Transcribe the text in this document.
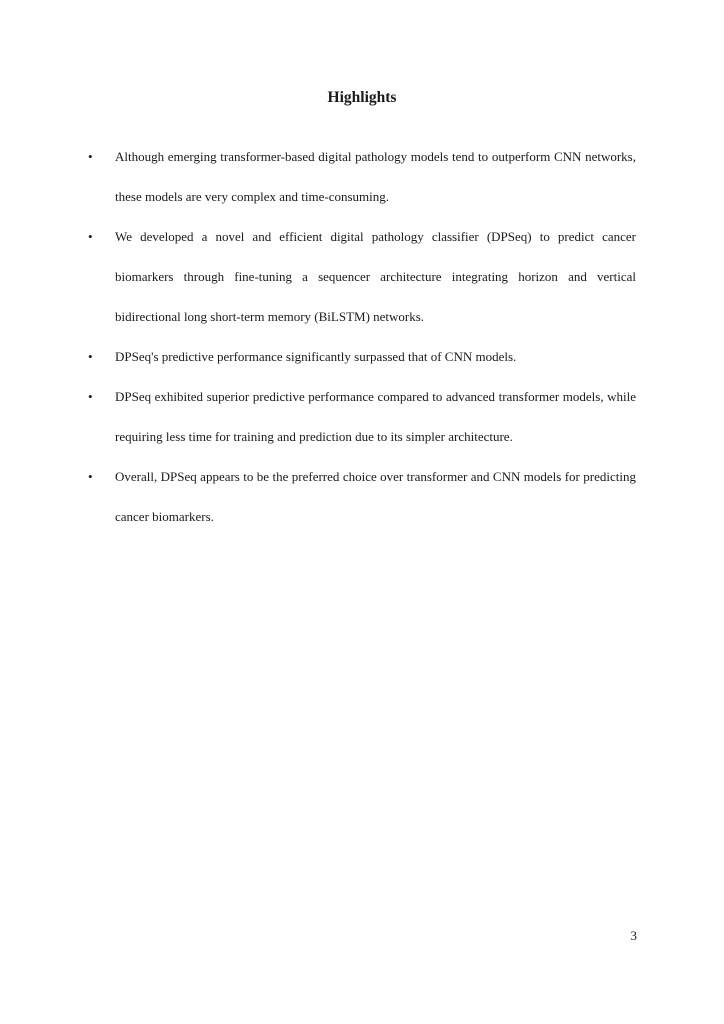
Highlights
•	Although emerging transformer-based digital pathology models tend to outperform CNN networks, these models are very complex and time-consuming.
•	We developed a novel and efficient digital pathology classifier (DPSeq) to predict cancer biomarkers through fine-tuning a sequencer architecture integrating horizon and vertical bidirectional long short-term memory (BiLSTM) networks.
•	DPSeq's predictive performance significantly surpassed that of CNN models.
•	DPSeq exhibited superior predictive performance compared to advanced transformer models, while requiring less time for training and prediction due to its simpler architecture.
•	Overall, DPSeq appears to be the preferred choice over transformer and CNN models for predicting cancer biomarkers.
3
